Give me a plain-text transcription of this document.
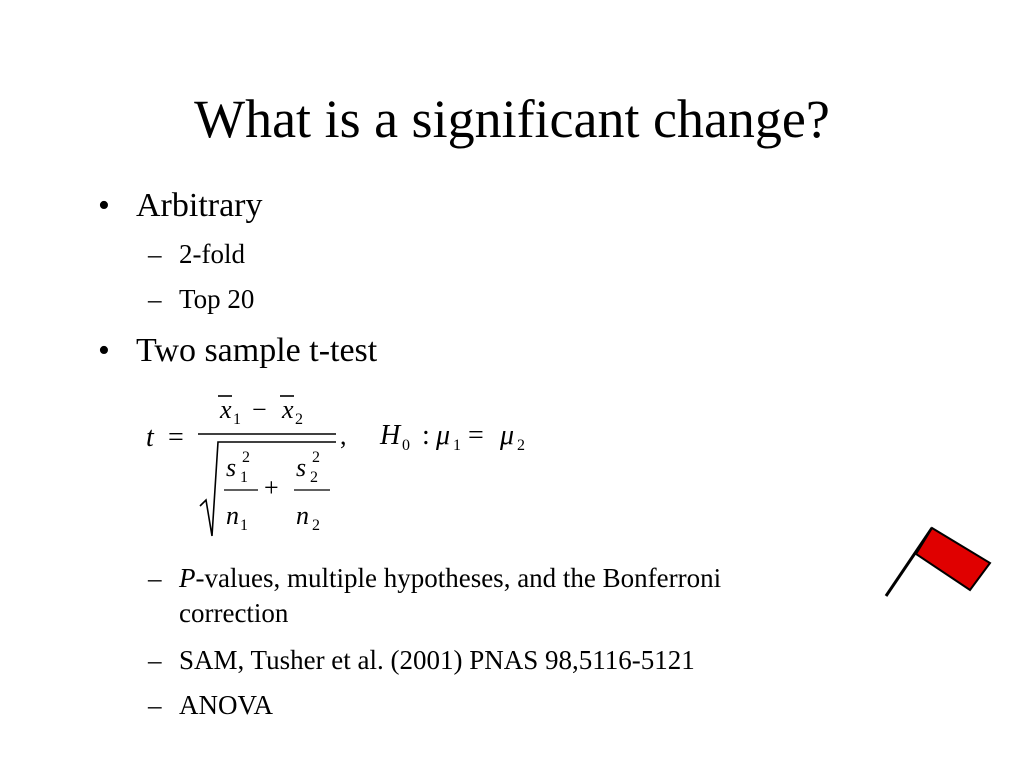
What is a significant change?
• Arbitrary
– 2-fold
– Top 20
• Two sample t-test
t =
x 1 − x 2
s 2
1
n 1
+
s 2
2
n 2
, H 0 : μ 1 = μ 2
– P-values, multiple hypotheses, and the Bonferroni
correction
– SAM, Tusher et al. (2001) PNAS 98,5116-5121
– ANOVA
